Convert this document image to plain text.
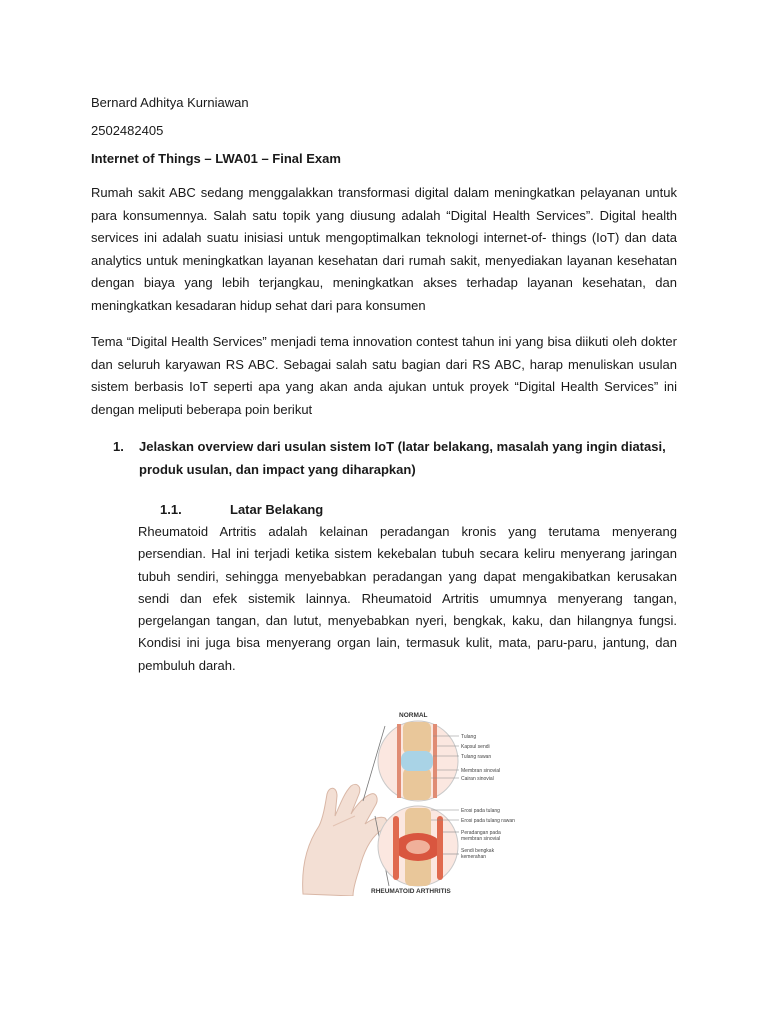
Bernard Adhitya Kurniawan

2502482405

Internet of Things – LWA01 – Final Exam

Rumah sakit ABC sedang menggalakkan transformasi digital dalam meningkatkan pelayanan untuk para konsumennya. Salah satu topik yang diusung adalah “Digital Health Services”. Digital health services ini adalah suatu inisiasi untuk mengoptimalkan teknologi internet-of- things (IoT) dan data analytics untuk meningkatkan layanan kesehatan dari rumah sakit, menyediakan layanan kesehatan dengan biaya yang lebih terjangkau, meningkatkan akses terhadap layanan kesehatan, dan meningkatkan kesadaran hidup sehat dari para konsumen

Tema “Digital Health Services” menjadi tema innovation contest tahun ini yang bisa diikuti oleh dokter dan seluruh karyawan RS ABC. Sebagai salah satu bagian dari RS ABC, harap menuliskan usulan sistem berbasis IoT seperti apa yang akan anda ajukan untuk proyek “Digital Health Services” ini dengan meliputi beberapa poin berikut

1. Jelaskan overview dari usulan sistem IoT (latar belakang, masalah yang ingin diatasi, produk usulan, dan impact yang diharapkan)
1.1.	Latar Belakang

Rheumatoid Artritis adalah kelainan peradangan kronis yang terutama menyerang persendian. Hal ini terjadi ketika sistem kekebalan tubuh secara keliru menyerang jaringan tubuh sendiri, sehingga menyebabkan peradangan yang dapat mengakibatkan kerusakan sendi dan efek sistemik lainnya. Rheumatoid Artritis umumnya menyerang tangan, pergelangan tangan, dan lutut, menyebabkan nyeri, bengkak, kaku, dan hilangnya fungsi. Kondisi ini juga bisa menyerang organ lain, termasuk kulit, mata, paru-paru, jantung, dan pembuluh darah.

NORMAL
RHEUMATOID ARTHRITIS
Tulang
Kapsul sendi
Tulang rawan
Membran sinovial
Cairan sinovial
Erosi pada tulang
Erosi pada tulang rawan
Peradangan pada
membran sinovial
Sendi bengkak
kemerahan
